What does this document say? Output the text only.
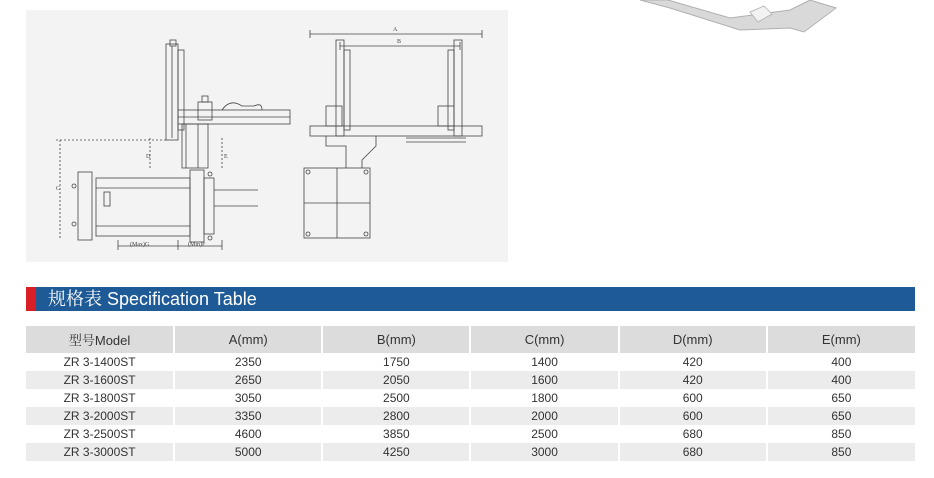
C
D	E
(Max)G	(Min)F
A
B
规格表 Specification Table
型号Model	A(mm)	B(mm)	C(mm)	D(mm)	E(mm)
ZR 3-1400ST	2350	1750	1400	420	400
ZR 3-1600ST	2650	2050	1600	420	400
ZR 3-1800ST	3050	2500	1800	600	650
ZR 3-2000ST	3350	2800	2000	600	650
ZR 3-2500ST	4600	3850	2500	680	850
ZR 3-3000ST	5000	4250	3000	680	850
